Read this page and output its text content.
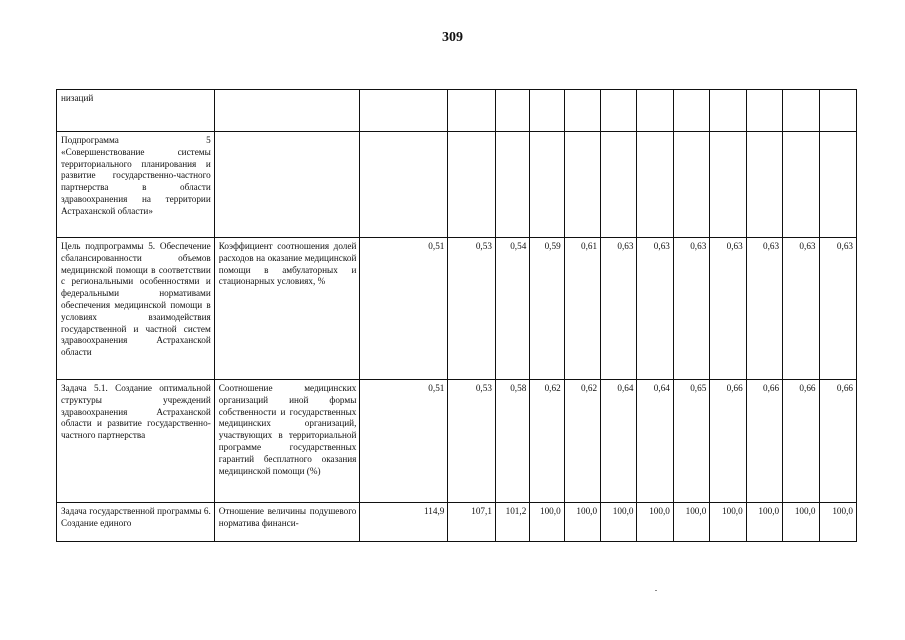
309
низаций													
Подпрограмма 5 «Совершенствование системы территориального планирования и развитие государственно-частного партнерства в области здравоохранения на территории Астраханской области»													
Цель подпрограммы 5. Обеспечение сбалансированности объемов медицинской помощи в соответствии с региональными особенностями и федеральными нормативами обеспечения медицинской помощи в условиях взаимодействия государственной и частной систем здравоохранения Астраханской области	Коэффициент соотношения долей расходов на оказание медицинской помощи в амбулаторных и стационарных условиях, %	0,51	0,53	0,54	0,59	0,61	0,63	0,63	0,63	0,63	0,63	0,63	0,63
Задача 5.1. Создание оптимальной структуры учреждений здравоохранения Астраханской области и развитие государственно-частного партнерства	Соотношение медицинских организаций иной формы собственности и государственных медицинских организаций, участвующих в территориальной программе государственных гарантий бесплатного оказания медицинской помощи (%)	0,51	0,53	0,58	0,62	0,62	0,64	0,64	0,65	0,66	0,66	0,66	0,66
Задача государственной программы 6. Создание единого	Отношение величины подушевого норматива финанси-	114,9	107,1	101,2	100,0	100,0	100,0	100,0	100,0	100,0	100,0	100,0	100,0
